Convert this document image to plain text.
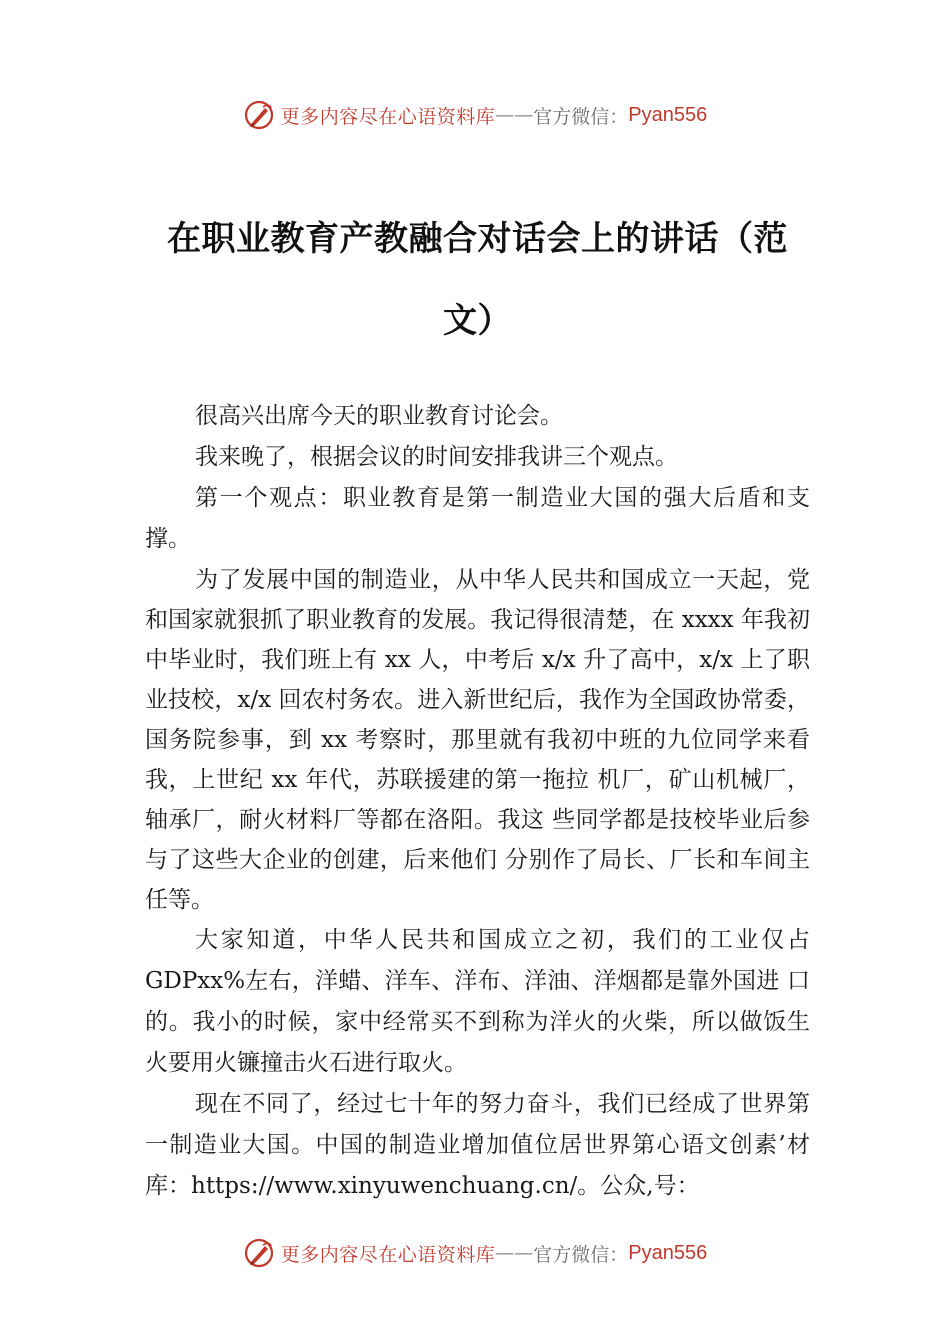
更多内容尽在心语资料库 —— 官方微信： Pyan556
在职业教育产教融合对话会上的讲话（范文）

很高兴出席今天的职业教育讨论会。

我来晚了，根据会议的时间安排我讲三个观点。

第一个观点：职业教育是第一制造业大国的强大后盾和支撑。

为了发展中国的制造业，从中华人民共和国成立一天起，党和国家就狠抓了职业教育的发展。我记得很清楚，在 xxxx 年我初中毕业时，我们班上有 xx 人，中考后 x/x 升了高中，x/x 上了职业技校，x/x 回农村务农。进入新世纪后，我作为全国政协常委，国务院参事，到 xx 考察时，那里就有我初中班的九位同学来看我，上世纪 xx 年代，苏联援建的第一拖拉 机厂，矿山机械厂，轴承厂，耐火材料厂等都在洛阳。我这 些同学都是技校毕业后参与了这些大企业的创建，后来他们 分别作了局长、厂长和车间主任等。

大家知道，中华人民共和国成立之初，我们的工业仅占 GDPxx%左右，洋蜡、洋车、洋布、洋油、洋烟都是靠外国进 口的。我小的时候，家中经常买不到称为洋火的火柴，所以做饭生火要用火镰撞击火石进行取火。

现在不同了，经过七十年的努力奋斗，我们已经成了世界第一制造业大国。中国的制造业增加值位居世界第心语文创素’材库：https://www.xinyuwenchuang.cn/。公众,号：

更多内容尽在心语资料库 —— 官方微信： Pyan556
